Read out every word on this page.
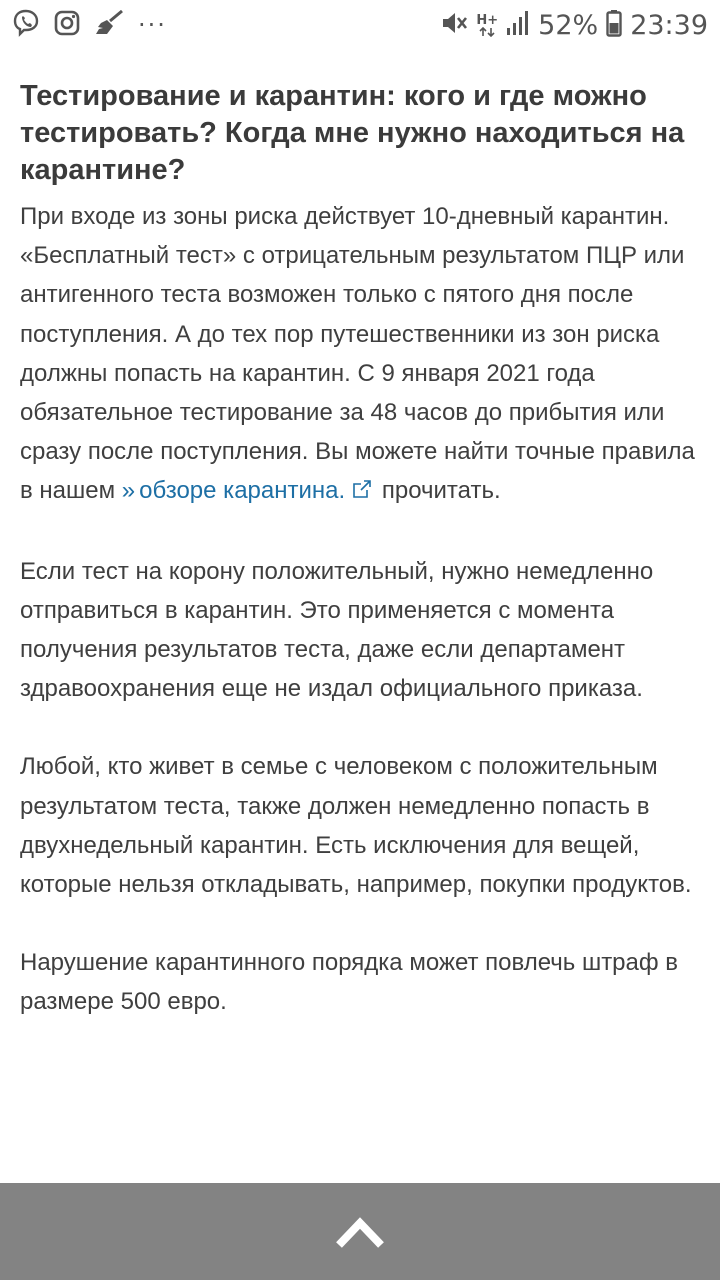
···	H+ 52% 23:39
Тестирование и карантин: кого и где можно тестировать? Когда мне нужно находиться на карантине?

При входе из зоны риска действует 10-дневный карантин. «Бесплатный тест» с отрицательным результатом ПЦР или антигенного теста возможен только с пятого дня после поступления. А до тех пор путешественники из зон риска должны попасть на карантин. С 9 января 2021 года обязательное тестирование за 48 часов до прибытия или сразу после поступления. Вы можете найти точные правила в нашем » обзоре карантина. прочитать.

Если тест на корону положительный, нужно немедленно отправиться в карантин. Это применяется с момента получения результатов теста, даже если департамент здравоохранения еще не издал официального приказа.

Любой, кто живет в семье с человеком с положительным результатом теста, также должен немедленно попасть в двухнедельный карантин. Есть исключения для вещей, которые нельзя откладывать, например, покупки продуктов.

Нарушение карантинного порядка может повлечь штраф в размере 500 евро.
